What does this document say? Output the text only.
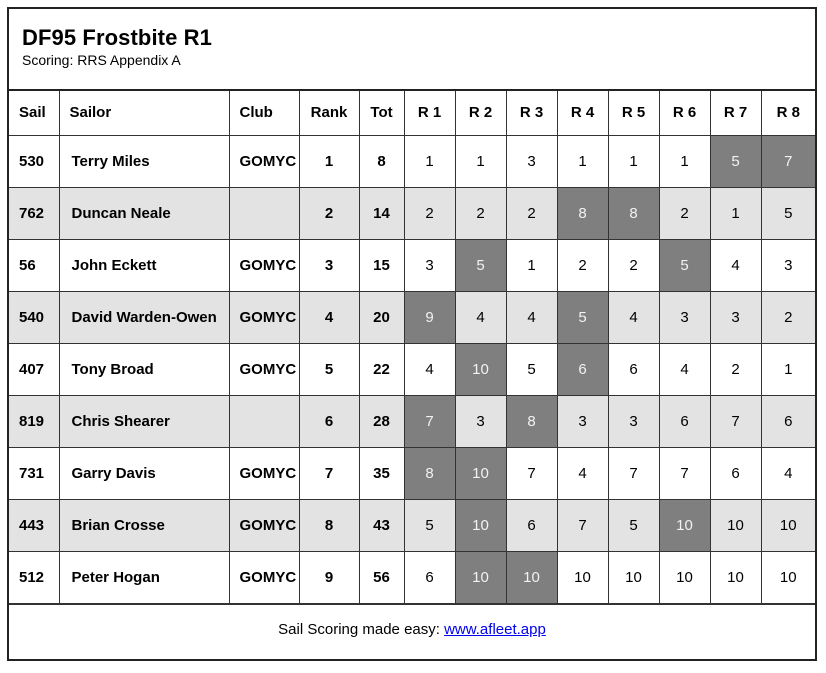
DF95 Frostbite R1
Scoring: RRS Appendix A
Sail	Sailor	Club	Rank	Tot	R 1	R 2	R 3	R 4	R 5	R 6	R 7	R 8
530	Terry Miles	GOMYC	1	8	1	1	3	1	1	1	5	7
762	Duncan Neale		2	14	2	2	2	8	8	2	1	5
56	John Eckett	GOMYC	3	15	3	5	1	2	2	5	4	3
540	David Warden-Owen	GOMYC	4	20	9	4	4	5	4	3	3	2
407	Tony Broad	GOMYC	5	22	4	10	5	6	6	4	2	1
819	Chris Shearer		6	28	7	3	8	3	3	6	7	6
731	Garry Davis	GOMYC	7	35	8	10	7	4	7	7	6	4
443	Brian Crosse	GOMYC	8	43	5	10	6	7	5	10	10	10
512	Peter Hogan	GOMYC	9	56	6	10	10	10	10	10	10	10
Sail Scoring made easy: www.afleet.app
